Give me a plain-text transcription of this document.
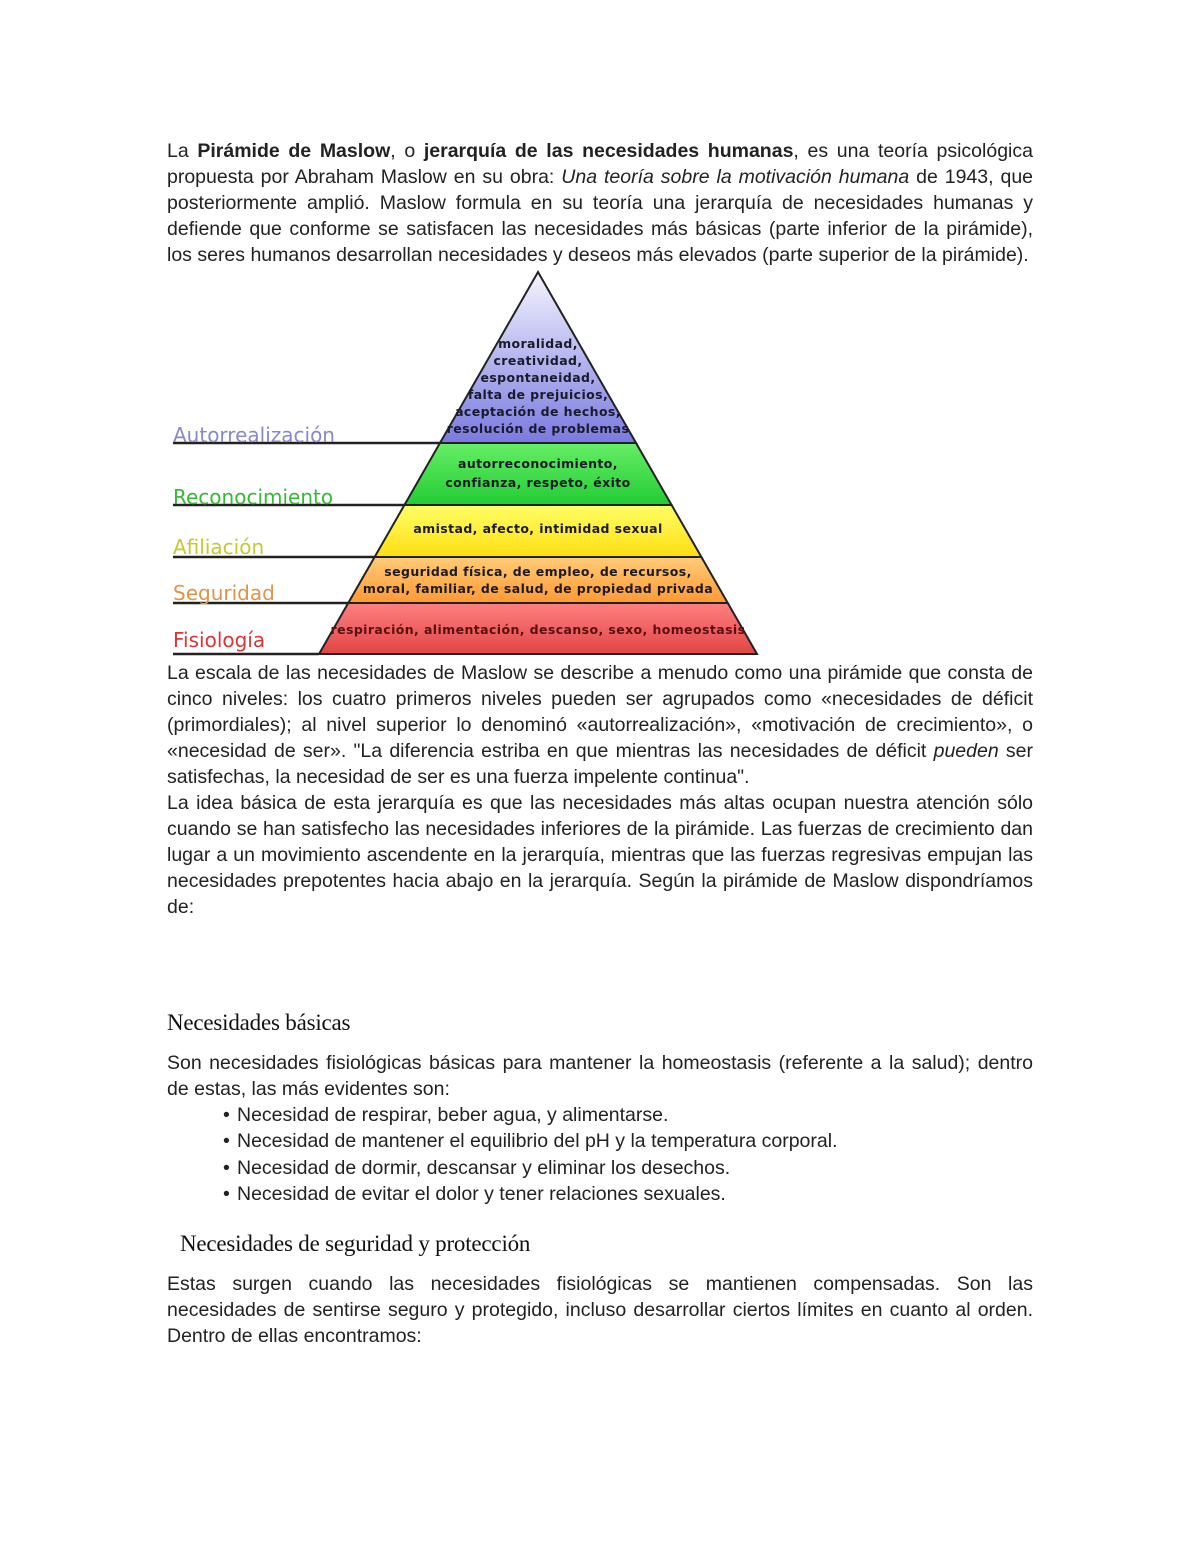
La Pirámide de Maslow, o jerarquía de las necesidades humanas, es una teoría psicológica propuesta por Abraham Maslow en su obra: Una teoría sobre la motivación humana de 1943, que posteriormente amplió. Maslow formula en su teoría una jerarquía de necesidades humanas y defiende que conforme se satisfacen las necesidades más básicas (parte inferior de la pirámide), los seres humanos desarrollan necesidades y deseos más elevados (parte superior de la pirámide).

Autorrealización
moralidad,
creatividad,
espontaneidad,
falta de prejuicios,
aceptación de hechos,
resolución de problemas
Reconocimiento
autorreconocimiento,
confianza, respeto, éxito
Afiliación
amistad, afecto, intimidad sexual
Seguridad
seguridad física, de empleo, de recursos,
moral, familiar, de salud, de propiedad privada
Fisiología	respiración, alimentación, descanso, sexo, homeostasis

La escala de las necesidades de Maslow se describe a menudo como una pirámide que consta de cinco niveles: los cuatro primeros niveles pueden ser agrupados como «necesidades de déficit (primordiales); al nivel superior lo denominó «autorrealización», «motivación de crecimiento», o «necesidad de ser». "La diferencia estriba en que mientras las necesidades de déficit pueden ser satisfechas, la necesidad de ser es una fuerza impelente continua".

La idea básica de esta jerarquía es que las necesidades más altas ocupan nuestra atención sólo cuando se han satisfecho las necesidades inferiores de la pirámide. Las fuerzas de crecimiento dan lugar a un movimiento ascendente en la jerarquía, mientras que las fuerzas regresivas empujan las necesidades prepotentes hacia abajo en la jerarquía. Según la pirámide de Maslow dispondríamos de:

Necesidades básicas

Son necesidades fisiológicas básicas para mantener la homeostasis (referente a la salud); dentro de estas, las más evidentes son:

• Necesidad de respirar, beber agua, y alimentarse.
• Necesidad de mantener el equilibrio del pH y la temperatura corporal.
• Necesidad de dormir, descansar y eliminar los desechos.
• Necesidad de evitar el dolor y tener relaciones sexuales.
Necesidades de seguridad y protección

Estas surgen cuando las necesidades fisiológicas se mantienen compensadas. Son las necesidades de sentirse seguro y protegido, incluso desarrollar ciertos límites en cuanto al orden. Dentro de ellas encontramos:
